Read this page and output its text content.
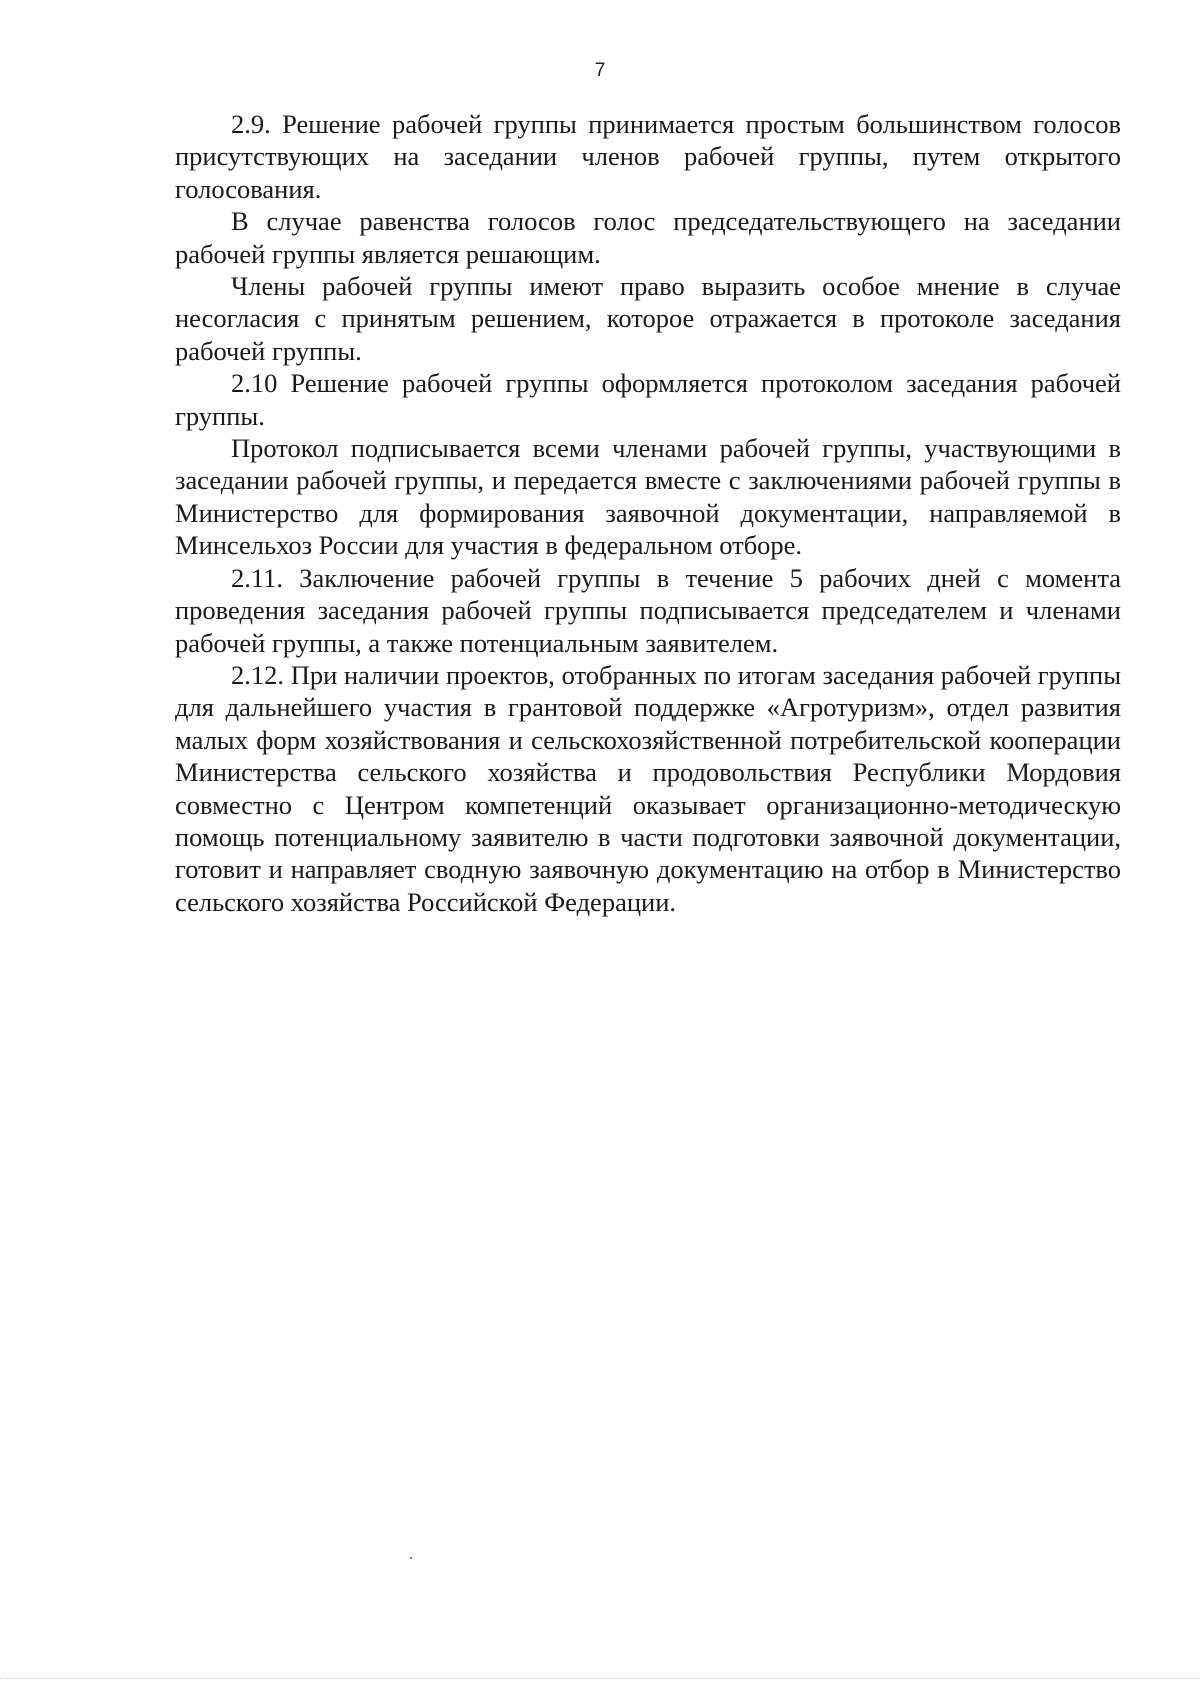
7

2.9. Решение рабочей группы принимается простым большинством голосов присутствующих на заседании членов рабочей группы, путем открытого голосования.

В случае равенства голосов голос председательствующего на заседании рабочей группы является решающим.

Члены рабочей группы имеют право выразить особое мнение в случае несогласия с принятым решением, которое отражается в протоколе заседания рабочей группы.

2.10 Решение рабочей группы оформляется протоколом заседания рабочей группы.

Протокол подписывается всеми членами рабочей группы, участвующими в заседании рабочей группы, и передается вместе с заключениями рабочей группы в Министерство для формирования заявочной документации, направляемой в Минсельхоз России для участия в федеральном отборе.

2.11. Заключение рабочей группы в течение 5 рабочих дней с момента проведения заседания рабочей группы подписывается председателем и членами рабочей группы, а также потенциальным заявителем.

2.12. При наличии проектов, отобранных по итогам заседания рабочей группы для дальнейшего участия в грантовой поддержке «Агротуризм», отдел развития малых форм хозяйствования и сельскохозяйственной потребительской кооперации Министерства сельского хозяйства и продовольствия Республики Мордовия совместно с Центром компетенций оказывает организационно-методическую помощь потенциальному заявителю в части подготовки заявочной документации, готовит и направляет сводную заявочную документацию на отбор в Министерство сельского хозяйства Российской Федерации.
